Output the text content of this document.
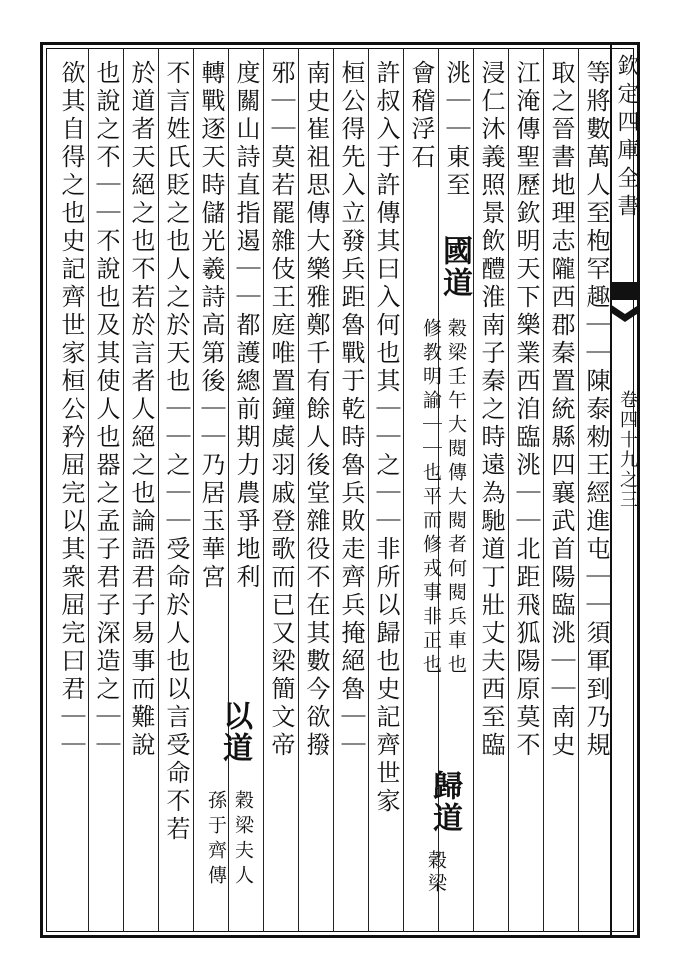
欽定四庫全書
卷四十九之三
等將數萬人至枹罕趣｜｜陳泰勑王經進屯｜｜須軍到乃規
取之晉書地理志隴西郡秦置統縣四襄武首陽臨洮｜｜南史
江淹傳聖歷欽明天下樂業西洎臨洮｜｜北距飛狐陽原莫不
浸仁沐義照景飲醴淮南子秦之時遠為馳道丁壯丈夫西至臨
洮｜｜東至
會稽浮石
國道
穀梁壬午大閱傳大閱者何閱兵車也
修教明諭｜｜也平而修戎事非正也
歸道
穀梁
許叔入于許傳其曰入何也其｜｜之｜｜非所以歸也史記齊世家
桓公得先入立發兵距魯戰于乾時魯兵敗走齊兵掩絕魯｜｜
南史崔祖思傳大樂雅鄭千有餘人後堂雜役不在其數今欲撥
邪｜｜莫若罷雜伎王庭唯置鐘虡羽戚登歌而已又梁簡文帝
度關山詩直指遏｜｜都護總前期力農爭地利
轉戰逐天時儲光羲詩高第後｜｜乃居玉華宮
以道
穀梁夫人
孫于齊傳
不言姓氏貶之也人之於天也｜｜之｜｜受命於人也以言受命不若
於道者天絕之也不若於言者人絕之也論語君子易事而難說
也說之不｜｜不說也及其使人也器之孟子君子深造之｜｜
欲其自得之也史記齊世家桓公矜屈完以其衆屈完曰君｜｜
